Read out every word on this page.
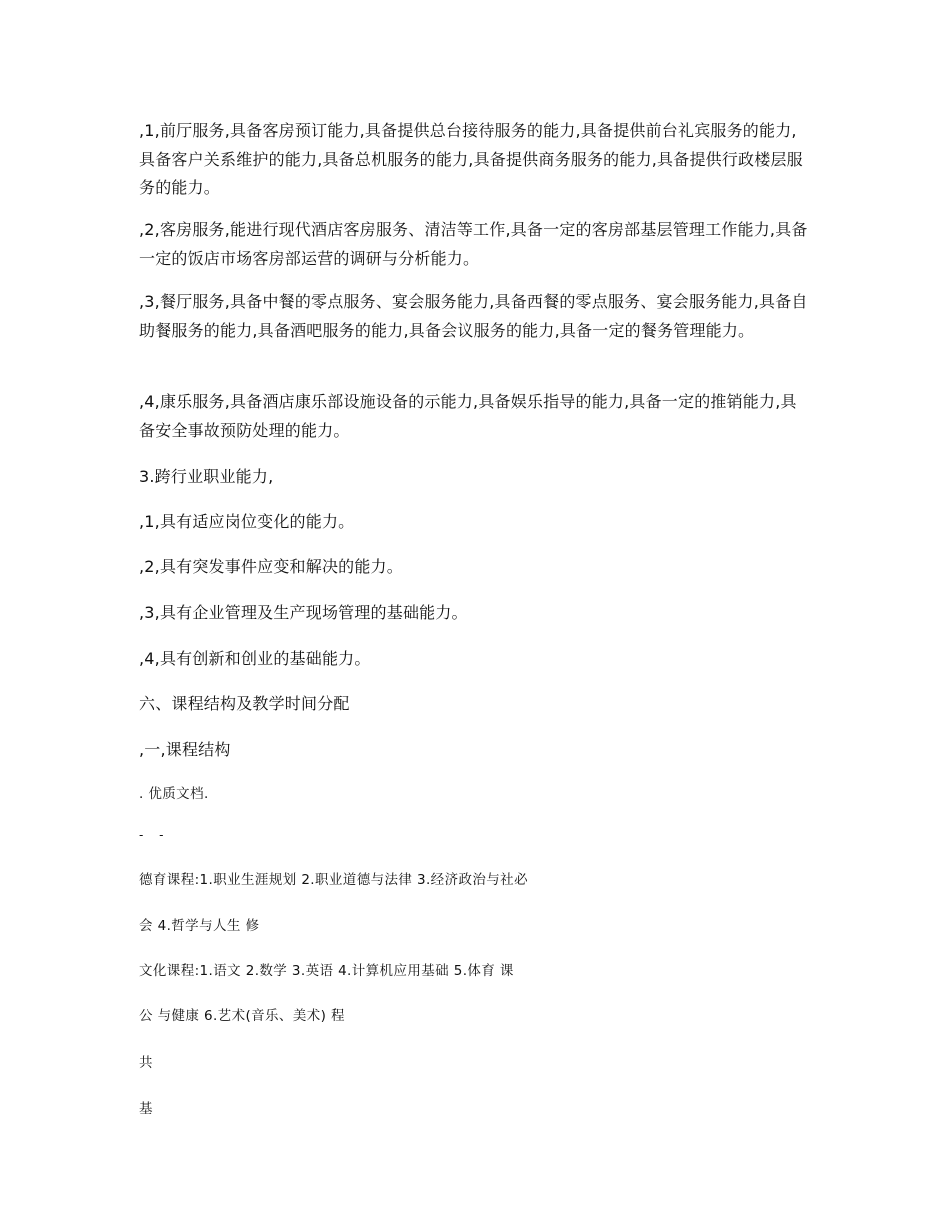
,1,前厅服务,具备客房预订能力,具备提供总台接待服务的能力,具备提供前台礼宾服务的能力,具备客户关系维护的能力,具备总机服务的能力,具备提供商务服务的能力,具备提供行政楼层服务的能力。

,2,客房服务,能进行现代酒店客房服务、清洁等工作,具备一定的客房部基层管理工作能力,具备一定的饭店市场客房部运营的调研与分析能力。

,3,餐厅服务,具备中餐的零点服务、宴会服务能力,具备西餐的零点服务、宴会服务能力,具备自助餐服务的能力,具备酒吧服务的能力,具备会议服务的能力,具备一定的餐务管理能力。

,4,康乐服务,具备酒店康乐部设施设备的示能力,具备娱乐指导的能力,具备一定的推销能力,具备安全事故预防处理的能力。

3.跨行业职业能力,

,1,具有适应岗位变化的能力。

,2,具有突发事件应变和解决的能力。

,3,具有企业管理及生产现场管理的基础能力。

,4,具有创新和创业的基础能力。

六、课程结构及教学时间分配

,一,课程结构

. 优质文档.

- -

德育课程:1.职业生涯规划 2.职业道德与法律 3.经济政治与社必

会 4.哲学与人生 修

文化课程:1.语文 2.数学 3.英语 4.计算机应用基础 5.体育 课

公 与健康 6.艺术(音乐、美术) 程

共

基
